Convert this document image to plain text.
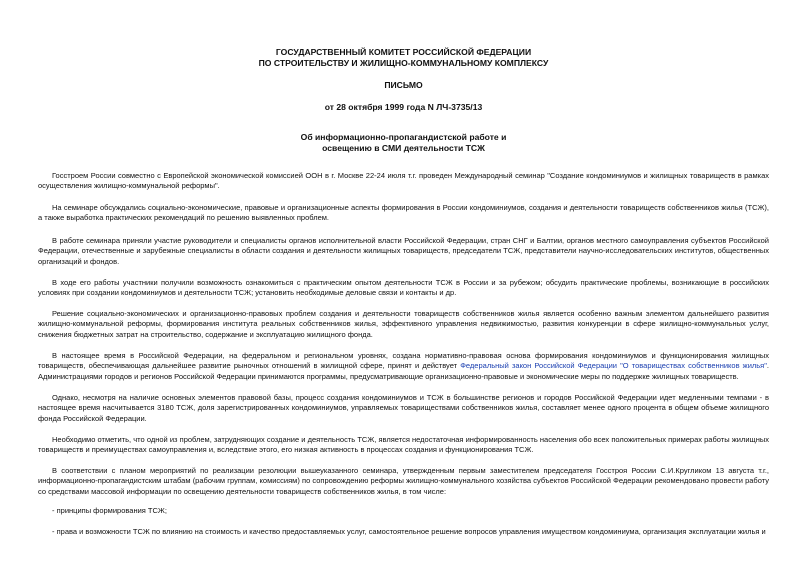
ГОСУДАРСТВЕННЫЙ КОМИТЕТ РОССИЙСКОЙ ФЕДЕРАЦИИ
ПО СТРОИТЕЛЬСТВУ И ЖИЛИЩНО-КОММУНАЛЬНОМУ КОМПЛЕКСУ
ПИСЬМО
от 28 октября 1999 года N ЛЧ-3735/13
Об информационно-пропагандистской работе и
освещению в СМИ деятельности ТСЖ

Госстроем России совместно с Европейской экономической комиссией ООН в г. Москве 22-24 июля т.г. проведен Международный семинар "Создание кондоминиумов и жилищных товариществ в рамках осуществления жилищно-коммунальной реформы".

На семинаре обсуждались социально-экономические, правовые и организационные аспекты формирования в России кондоминиумов, создания и деятельности товариществ собственников жилья (ТСЖ), а также выработка практических рекомендаций по решению выявленных проблем.

В работе семинара приняли участие руководители и специалисты органов исполнительной власти Российской Федерации, стран СНГ и Балтии, органов местного самоуправления субъектов Российской Федерации, отечественные и зарубежные специалисты в области создания и деятельности жилищных товариществ, председатели ТСЖ, представители научно-исследовательских институтов, общественных организаций и фондов.

В ходе его работы участники получили возможность ознакомиться с практическим опытом деятельности ТСЖ в России и за рубежом; обсудить практические проблемы, возникающие в российских условиях при создании кондоминиумов и деятельности ТСЖ; установить необходимые деловые связи и контакты и др.

Решение социально-экономических и организационно-правовых проблем создания и деятельности товариществ собственников жилья является особенно важным элементом дальнейшего развития жилищно-коммунальной реформы, формирования института реальных собственников жилья, эффективного управления недвижимостью, развития конкуренции в сфере жилищно-коммунальных услуг, снижения бюджетных затрат на строительство, содержание и эксплуатацию жилищного фонда.

В настоящее время в Российской Федерации, на федеральном и региональном уровнях, создана нормативно-правовая основа формирования кондоминиумов и функционирования жилищных товариществ, обеспечивающая дальнейшее развитие рыночных отношений в жилищной сфере, принят и действует Федеральный закон Российской Федерации "О товариществах собственников жилья". Администрациями городов и регионов Российской Федерации принимаются программы, предусматривающие организационно-правовые и экономические меры по поддержке жилищных товариществ.

Однако, несмотря на наличие основных элементов правовой базы, процесс создания кондоминиумов и ТСЖ в большинстве регионов и городов Российской Федерации идет медленными темпами - в настоящее время насчитывается 3180 ТСЖ, доля зарегистрированных кондоминиумов, управляемых товариществами собственников жилья, составляет менее одного процента в общем объеме жилищного фонда Российской Федерации.

Необходимо отметить, что одной из проблем, затрудняющих создание и деятельность ТСЖ, является недостаточная информированность населения обо всех положительных примерах работы жилищных товариществ и преимуществах самоуправления и, вследствие этого, его низкая активность в процессах создания и функционирования ТСЖ.

В соответствии с планом мероприятий по реализации резолюции вышеуказанного семинара, утвержденным первым заместителем председателя Госстроя России С.И.Кругликом 13 августа т.г., информационно-пропагандистским штабам (рабочим группам, комиссиям) по сопровождению реформы жилищно-коммунального хозяйства субъектов Российской Федерации рекомендовано провести работу со средствами массовой информации по освещению деятельности товариществ собственников жилья, в том числе:

- принципы формирования ТСЖ;

- права и возможности ТСЖ по влиянию на стоимость и качество предоставляемых услуг, самостоятельное решение вопросов управления имуществом кондоминиума, организация эксплуатации жилья и
